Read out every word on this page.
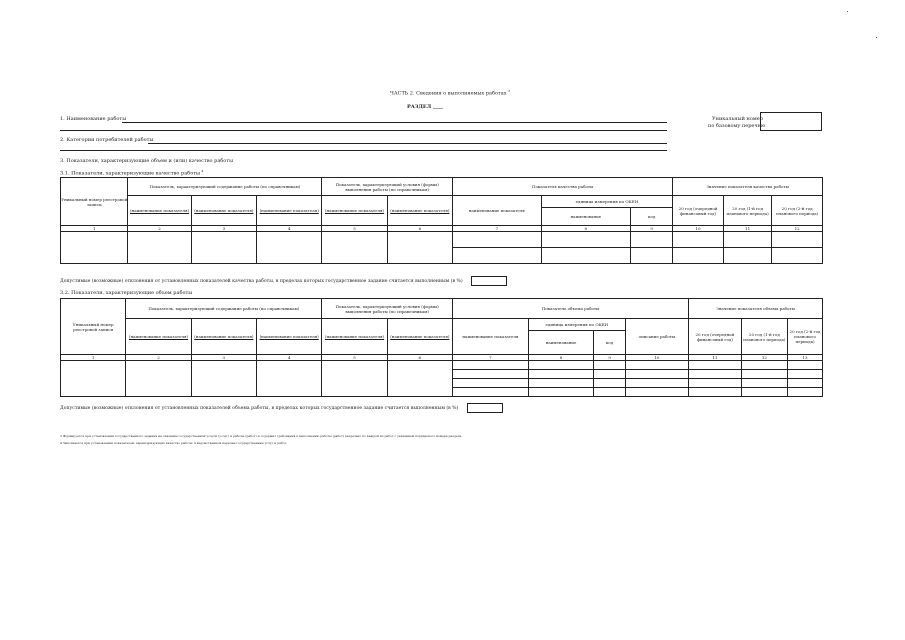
ЧАСТЬ 2. Сведения о выполняемых работах $^3$
РАЗДЕЛ ____
1. Наименование работы	Уникальный номер
по базовому перечню
2. Категории потребителей работы
3. Показатели, характеризующие объем и (или) качество работы
3.1. Показатели, характеризующие качество работы $^4$
Уникальный номер реестровой записи	Показатель, характеризующий содержание работы (по справочникам)			Показатель, характеризующий условия (формы) выполнения работы (по справочникам)		Показатель качества работы			Значение показателя качества работы		
	(наименование показателя)	(наименование показателя)	(наименование показателя)	(наименование показателя)	(наименование показателя)	наименование показателя	единица измерения по ОКЕИ		20 год (очередной финансовый год)	20 год (1-й год планового периода)	20 год (2-й год планового периода)
							наименование	код			
1	2	3	4	5	6	7	8	9	10	11	12

Допустимые (возможные) отклонения от установленных показателей качества работы, в пределах которых государственное задание считается выполненным (в %)
3.2. Показатели, характеризующие объем работы
Уникальный номер реестровой записи	Показатель, характеризующий содержание работы (по справочникам)			Показатель, характеризующий условия (формы) выполнения работы (по справочникам)		Показатель объема работы				Значение показателя объема работы		
	(наименование показателя)	(наименование показателя)	(наименование показателя)	(наименование показателя)	(наименование показателя)	наименование показателя	единица измерения по ОКЕИ		описание работы	20 год (очередной финансовый год)	20 год (1-й год планового периода)	20 год (2-й год планового периода)
							наименование	код				
1	2	3	4	5	6	7	8	9	10	11	12	13

Допустимые (возможные) отклонения от установленных показателей объема работы, в пределах которых государственное задание считается выполненным (в %)
3 Формируется при установлении государственного задания на оказание государственной услуги (услуг) и работы (работ) и содержит требования к выполнению работы (работ) раздельно по каждой из работ с указанием порядкового номера раздела.
4 Заполняется при установлении показателей, характеризующих качество работы, в ведомственном перечне государственных услуг и работ.
